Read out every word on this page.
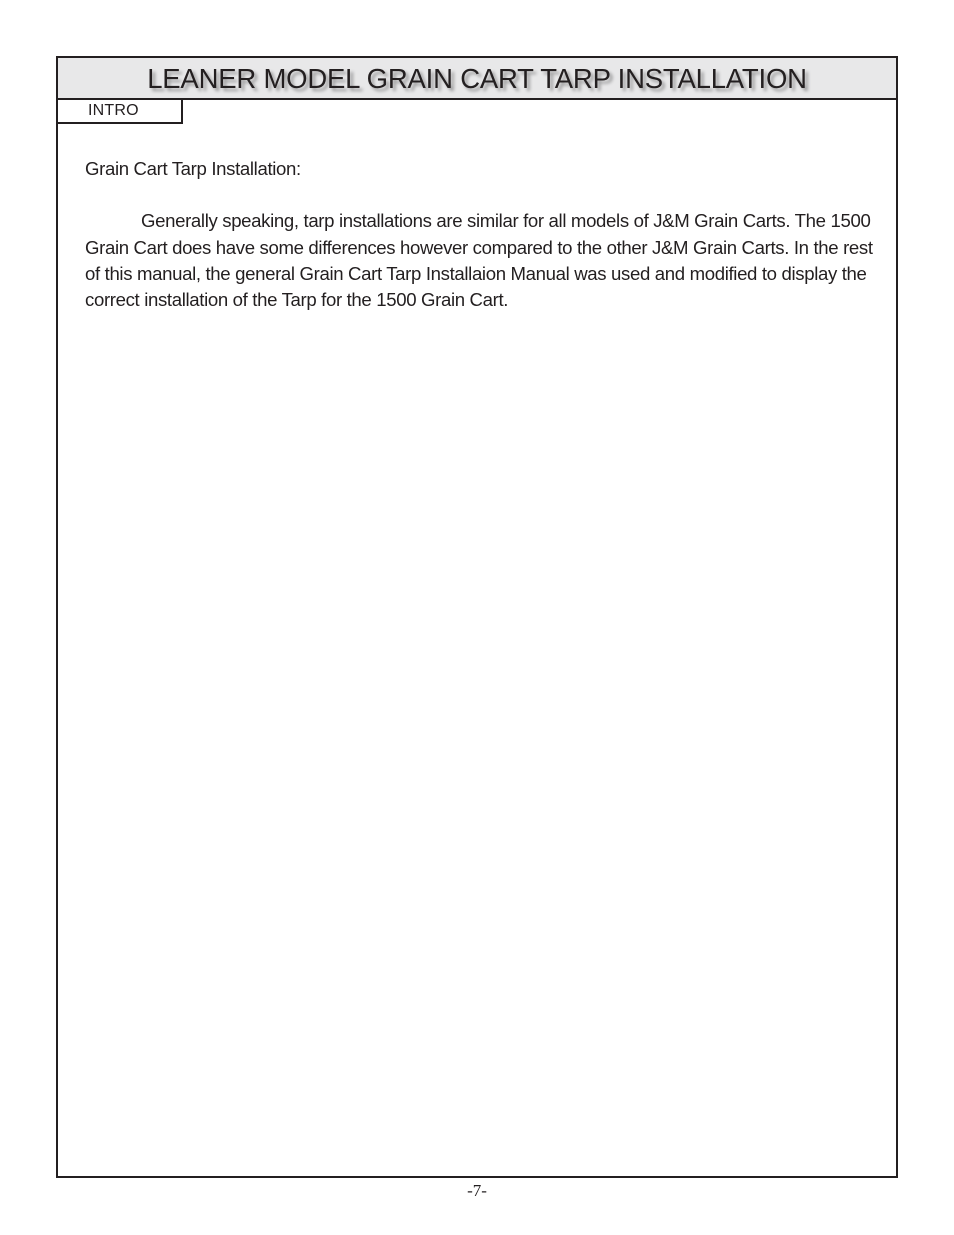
LEANER MODEL GRAIN CART TARP INSTALLATION
INTRO

Grain Cart Tarp Installation:

Generally speaking, tarp installations are similar for all models of J&M Grain Carts. The 1500 Grain Cart does have some differences however compared to the other J&M Grain Carts. In the rest of this manual, the general Grain Cart Tarp Installaion Manual was used and modified to display the correct installation of the Tarp for the 1500 Grain Cart.

-7-
